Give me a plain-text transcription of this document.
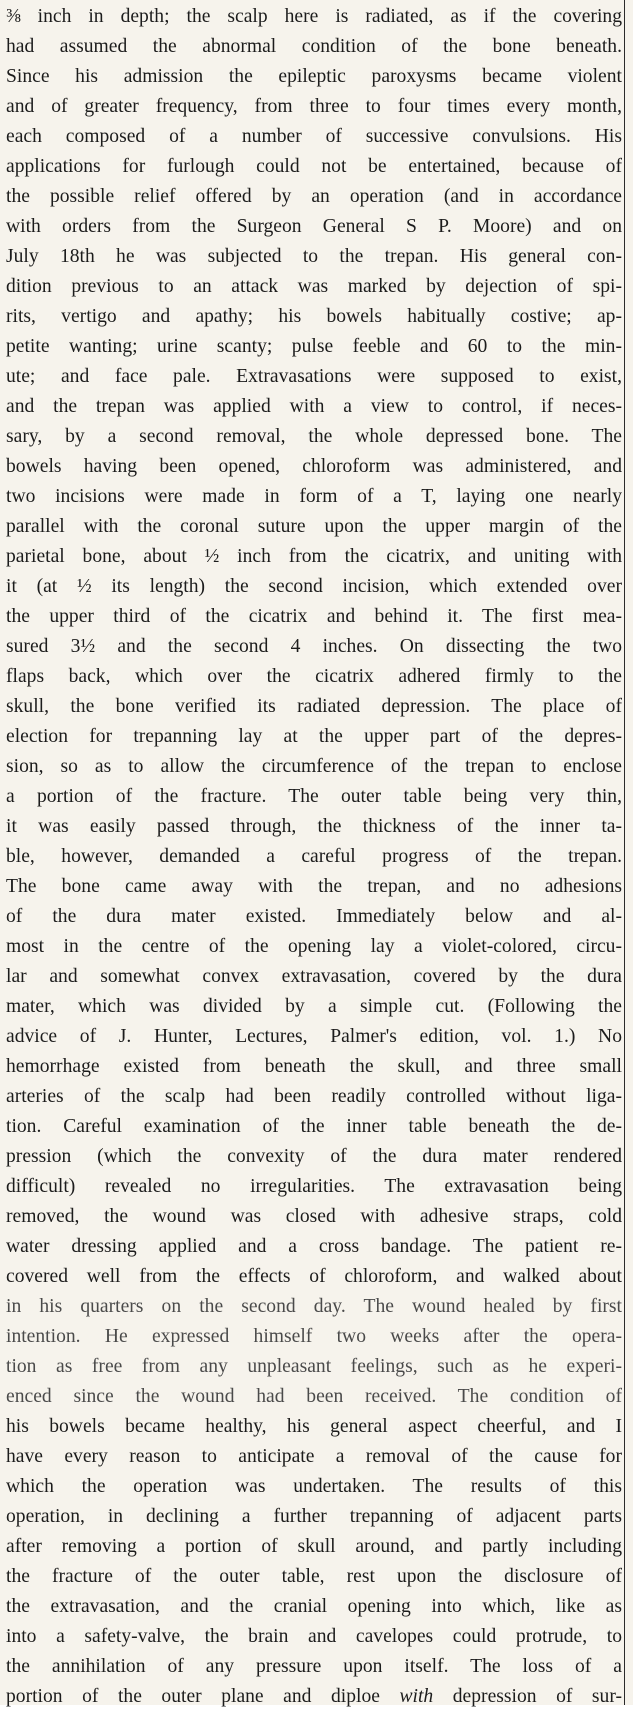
⅜ inch in depth; the scalp here is radiated, as if the covering
had assumed the abnormal condition of the bone beneath.
Since his admission the epileptic paroxysms became violent
and of greater frequency, from three to four times every month,
each composed of a number of successive convulsions. His
applications for furlough could not be entertained, because of
the possible relief offered by an operation (and in accordance
with orders from the Surgeon General S P. Moore) and on
July 18th he was subjected to the trepan. His general con-
dition previous to an attack was marked by dejection of spi-
rits, vertigo and apathy; his bowels habitually costive; ap-
petite wanting; urine scanty; pulse feeble and 60 to the min-
ute; and face pale. Extravasations were supposed to exist,
and the trepan was applied with a view to control, if neces-
sary, by a second removal, the whole depressed bone. The
bowels having been opened, chloroform was administered, and
two incisions were made in form of a T, laying one nearly
parallel with the coronal suture upon the upper margin of the
parietal bone, about ½ inch from the cicatrix, and uniting with
it (at ½ its length) the second incision, which extended over
the upper third of the cicatrix and behind it. The first mea-
sured 3½ and the second 4 inches. On dissecting the two
flaps back, which over the cicatrix adhered firmly to the
skull, the bone verified its radiated depression. The place of
election for trepanning lay at the upper part of the depres-
sion, so as to allow the circumference of the trepan to enclose
a portion of the fracture. The outer table being very thin,
it was easily passed through, the thickness of the inner ta-
ble, however, demanded a careful progress of the trepan.
The bone came away with the trepan, and no adhesions
of the dura mater existed. Immediately below and al-
most in the centre of the opening lay a violet-colored, circu-
lar and somewhat convex extravasation, covered by the dura
mater, which was divided by a simple cut. (Following the
advice of J. Hunter, Lectures, Palmer's edition, vol. 1.) No
hemorrhage existed from beneath the skull, and three small
arteries of the scalp had been readily controlled without liga-
tion. Careful examination of the inner table beneath the de-
pression (which the convexity of the dura mater rendered
difficult) revealed no irregularities. The extravasation being
removed, the wound was closed with adhesive straps, cold
water dressing applied and a cross bandage. The patient re-
covered well from the effects of chloroform, and walked about
in his quarters on the second day. The wound healed by first
intention. He expressed himself two weeks after the opera-
tion as free from any unpleasant feelings, such as he experi-
enced since the wound had been received. The condition of
his bowels became healthy, his general aspect cheerful, and I
have every reason to anticipate a removal of the cause for
which the operation was undertaken. The results of this
operation, in declining a further trepanning of adjacent parts
after removing a portion of skull around, and partly including
the fracture of the outer table, rest upon the disclosure of
the extravasation, and the cranial opening into which, like as
into a safety-valve, the brain and cavelopes could protrude, to
the annihilation of any pressure upon itself. The loss of a
portion of the outer plane and diploe with depression of sur-
